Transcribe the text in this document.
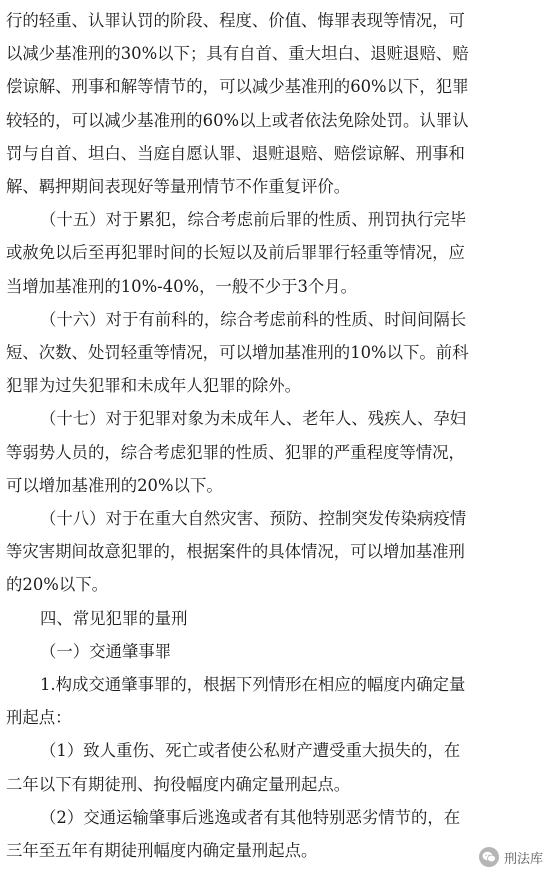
行的轻重、认罪认罚的阶段、程度、价值、悔罪表现等情况，可
以减少基准刑的30%以下；具有自首、重大坦白、退赃退赔、赔
偿谅解、刑事和解等情节的，可以减少基准刑的60%以下，犯罪
较轻的，可以减少基准刑的60%以上或者依法免除处罚。认罪认
罚与自首、坦白、当庭自愿认罪、退赃退赔、赔偿谅解、刑事和
解、羁押期间表现好等量刑情节不作重复评价。
（十五）对于累犯，综合考虑前后罪的性质、刑罚执行完毕
或赦免以后至再犯罪时间的长短以及前后罪罪行轻重等情况，应
当增加基准刑的10%-40%，一般不少于3个月。
（十六）对于有前科的，综合考虑前科的性质、时间间隔长
短、次数、处罚轻重等情况，可以增加基准刑的10%以下。前科
犯罪为过失犯罪和未成年人犯罪的除外。
（十七）对于犯罪对象为未成年人、老年人、残疾人、孕妇
等弱势人员的，综合考虑犯罪的性质、犯罪的严重程度等情况，
可以增加基准刑的20%以下。
（十八）对于在重大自然灾害、预防、控制突发传染病疫情
等灾害期间故意犯罪的，根据案件的具体情况，可以增加基准刑
的20%以下。
四、常见犯罪的量刑
（一）交通肇事罪
1.构成交通肇事罪的，根据下列情形在相应的幅度内确定量
刑起点：
（1）致人重伤、死亡或者使公私财产遭受重大损失的，在
二年以下有期徒刑、拘役幅度内确定量刑起点。
（2）交通运输肇事后逃逸或者有其他特别恶劣情节的，在
三年至五年有期徒刑幅度内确定量刑起点。	刑法库
